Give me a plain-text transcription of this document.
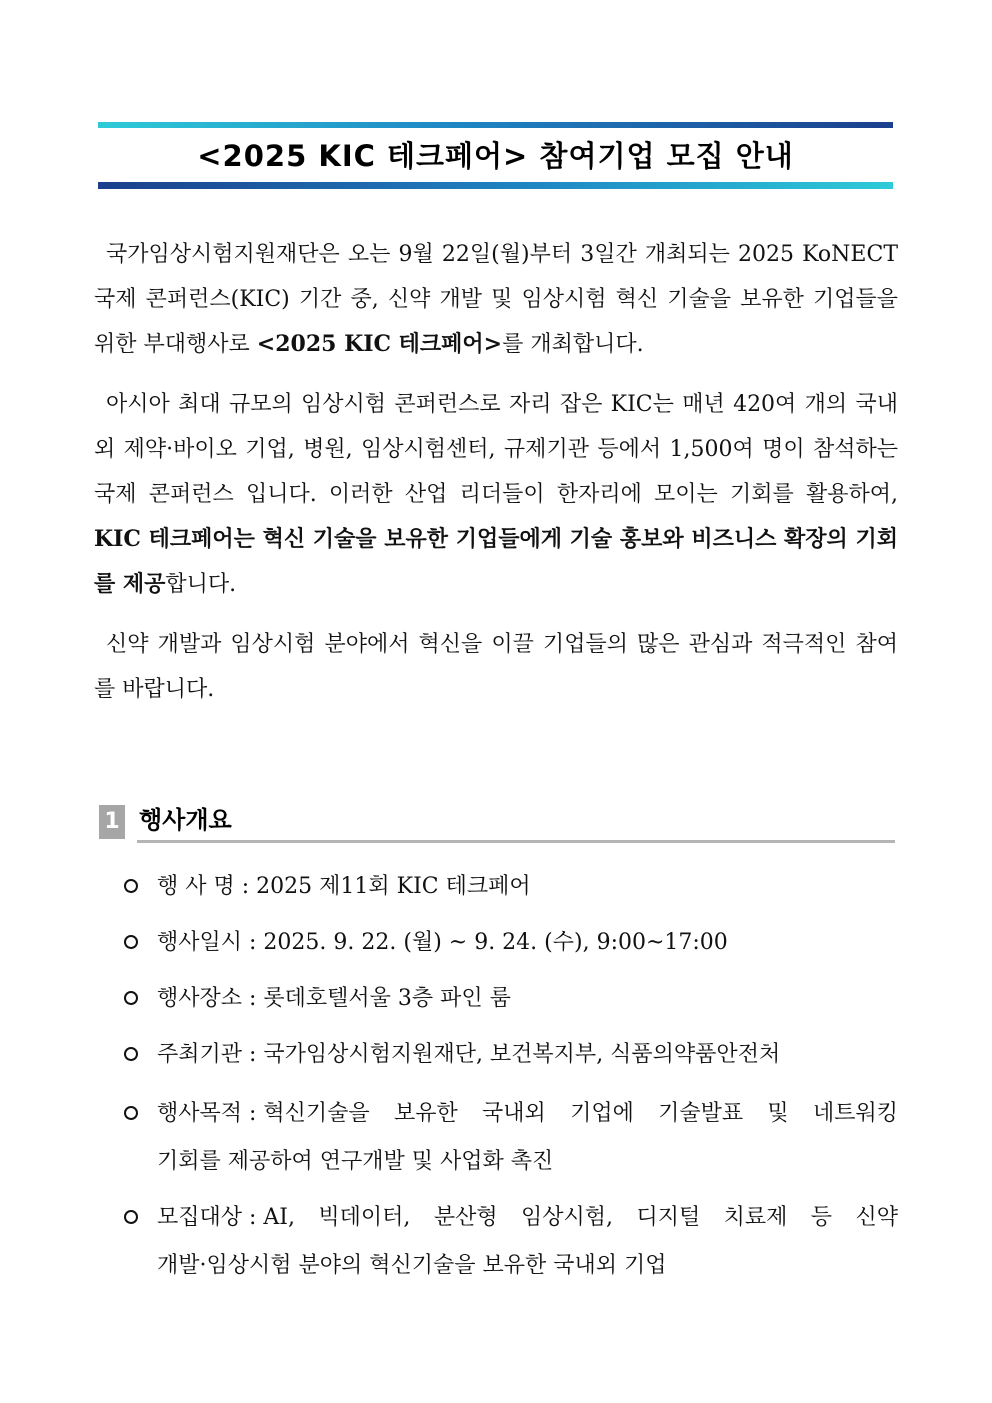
<2025 KIC 테크페어> 참여기업 모집 안내

국가임상시험지원재단은 오는 9월 22일(월)부터 3일간 개최되는 2025 KoNECT 국제 콘퍼런스(KIC) 기간 중, 신약 개발 및 임상시험 혁신 기술을 보유한 기업들을 위한 부대행사로 <2025 KIC 테크페어>를 개최합니다.

아시아 최대 규모의 임상시험 콘퍼런스로 자리 잡은 KIC는 매년 420여 개의 국내외 제약·바이오 기업, 병원, 임상시험센터, 규제기관 등에서 1,500여 명이 참석하는 국제 콘퍼런스 입니다. 이러한 산업 리더들이 한자리에 모이는 기회를 활용하여, KIC 테크페어는 혁신 기술을 보유한 기업들에게 기술 홍보와 비즈니스 확장의 기회를 제공합니다.

신약 개발과 임상시험 분야에서 혁신을 이끌 기업들의 많은 관심과 적극적인 참여를 바랍니다.

1 행사개요
행 사 명 : 2025 제11회 KIC 테크페어
행사일시 : 2025. 9. 22. (월) ~ 9. 24. (수), 9:00~17:00
행사장소 : 롯데호텔서울 3층 파인 룸
주최기관 : 국가임상시험지원재단, 보건복지부, 식품의약품안전처
행사목적 : 혁신기술을 보유한 국내외 기업에 기술발표 및 네트워킹
기회를 제공하여 연구개발 및 사업화 촉진
모집대상 : AI, 빅데이터, 분산형 임상시험, 디지털 치료제 등 신약
개발·임상시험 분야의 혁신기술을 보유한 국내외 기업
